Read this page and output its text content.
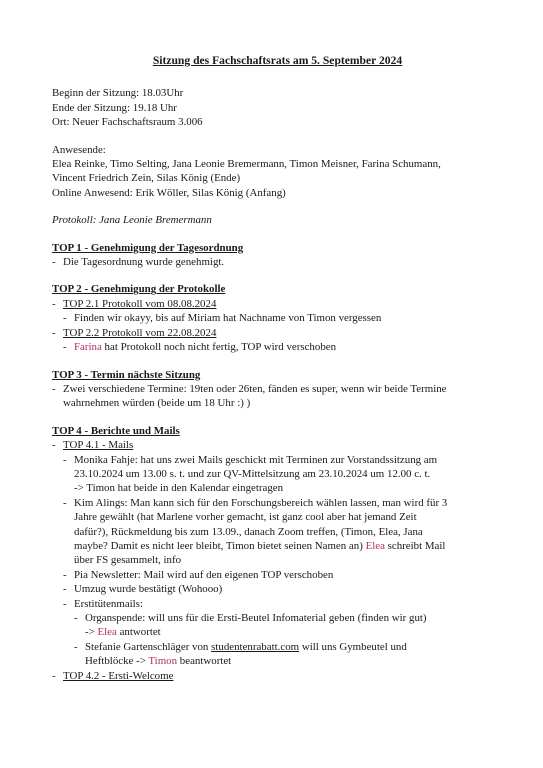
Sitzung des Fachschaftsrats am 5. September 2024
Beginn der Sitzung: 18.03Uhr
Ende der Sitzung: 19.18 Uhr
Ort: Neuer Fachschaftsraum 3.006
Anwesende:
Elea Reinke, Timo Selting, Jana Leonie Bremermann, Timon Meisner, Farina Schumann,
Vincent Friedrich Zein, Silas König (Ende)
Online Anwesend: Erik Wöller, Silas König (Anfang)
Protokoll: Jana Leonie Bremermann
TOP 1 - Genehmigung der Tagesordnung
- Die Tagesordnung wurde genehmigt.
TOP 2 - Genehmigung der Protokolle
- TOP 2.1 Protokoll vom 08.08.2024
- Finden wir okayy, bis auf Miriam hat Nachname von Timon vergessen
- TOP 2.2 Protokoll vom 22.08.2024
- Farina hat Protokoll noch nicht fertig, TOP wird verschoben
TOP 3 - Termin nächste Sitzung
- Zwei verschiedene Termine: 19ten oder 26ten, fänden es super, wenn wir beide Termine
wahrnehmen würden (beide um 18 Uhr :) )
TOP 4 - Berichte und Mails
- TOP 4.1 - Mails
- Monika Fahje: hat uns zwei Mails geschickt mit Terminen zur Vorstandssitzung am
23.10.2024 um 13.00 s. t. und zur QV-Mittelsitzung am 23.10.2024 um 12.00 c. t.
-> Timon hat beide in den Kalendar eingetragen
- Kim Alings: Man kann sich für den Forschungsbereich wählen lassen, man wird für 3
Jahre gewählt (hat Marlene vorher gemacht, ist ganz cool aber hat jemand Zeit
dafür?), Rückmeldung bis zum 13.09., danach Zoom treffen, (Timon, Elea, Jana
maybe? Damit es nicht leer bleibt, Timon bietet seinen Namen an) Elea schreibt Mail
über FS gesammelt, info
- Pia Newsletter: Mail wird auf den eigenen TOP verschoben
- Umzug wurde bestätigt (Wohooo)
- Erstitütenmails:
- Organspende: will uns für die Ersti-Beutel Infomaterial geben (finden wir gut)
-> Elea antwortet
- Stefanie Gartenschläger von studentenrabatt.com will uns Gymbeutel und
Heftblöcke -> Timon beantwortet
- TOP 4.2 - Ersti-Welcome
